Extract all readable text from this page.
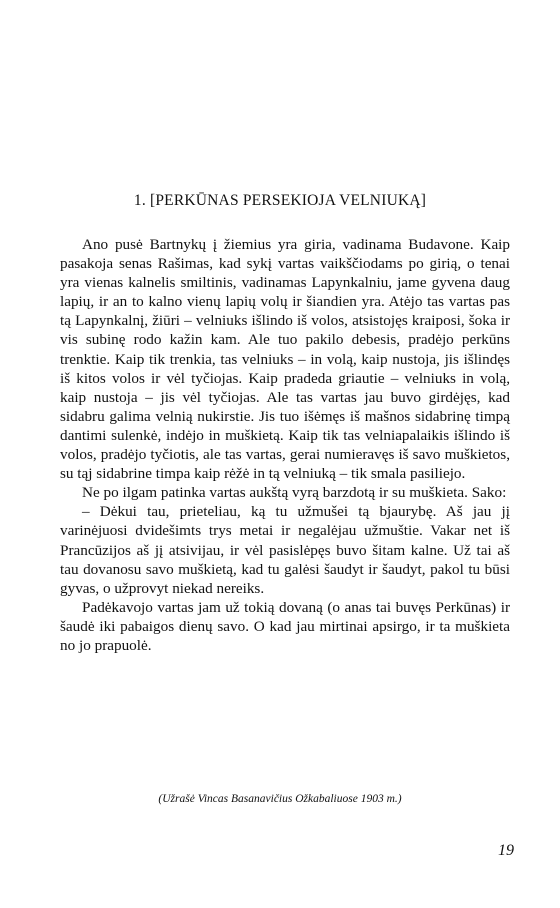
1. [PERKŪNAS PERSEKIOJA VELNIUKĄ]

Ano pusė Bartnykų į žiemius yra giria, vadinama Budavone. Kaip pasakoja senas Rašimas, kad sykį vartas vaikščiodams po girią, o tenai yra vienas kalnelis smiltinis, vadinamas Lapynkalniu, jame gyvena daug lapių, ir an to kalno vienų lapių volų ir šiandien yra. Atėjo tas vartas pas tą Lapynkalnį, žiūri – velniuks išlindo iš volos, atsistojęs kraiposi, šoka ir vis subinę rodo kažin kam. Ale tuo pakilo debesis, pradėjo perkūns trenktie. Kaip tik trenkia, tas velniuks – in volą, kaip nustoja, jis išlindęs iš kitos volos ir vėl tyčiojas. Kaip pradeda griautie – velniuks in volą, kaip nustoja – jis vėl tyčiojas. Ale tas vartas jau buvo girdėjęs, kad sidabru galima velnią nukirstie. Jis tuo išėmęs iš mašnos sidabrinę timpą dantimi sulenkė, indėjo in muškietą. Kaip tik tas velniapalaikis išlindo iš volos, pradėjo tyčiotis, ale tas vartas, gerai numieravęs iš savo muškietos, su tąj sidabrine timpa kaip rėžė in tą velniuką – tik smala pasiliejo.

Ne po ilgam patinka vartas aukštą vyrą barzdotą ir su muškieta. Sako:

– Dėkui tau, prieteliau, ką tu užmušei tą bjaurybę. Aš jau jį varinėjuosi dvidešimts trys metai ir negalėjau užmuštie. Vakar net iš Prancūzijos aš jį atsivijau, ir vėl pasislėpęs buvo šitam kalne. Už tai aš tau dovanosu savo muškietą, kad tu galėsi šaudyt ir šaudyt, pakol tu būsi gyvas, o užprovyt niekad nereiks.

Padėkavojo vartas jam už tokią dovaną (o anas tai buvęs Perkūnas) ir šaudė iki pabaigos dienų savo. O kad jau mirtinai apsirgo, ir ta muškieta no jo prapuolė.

(Užrašė Vincas Basanavičius Ožkabaliuose 1903 m.)
19
